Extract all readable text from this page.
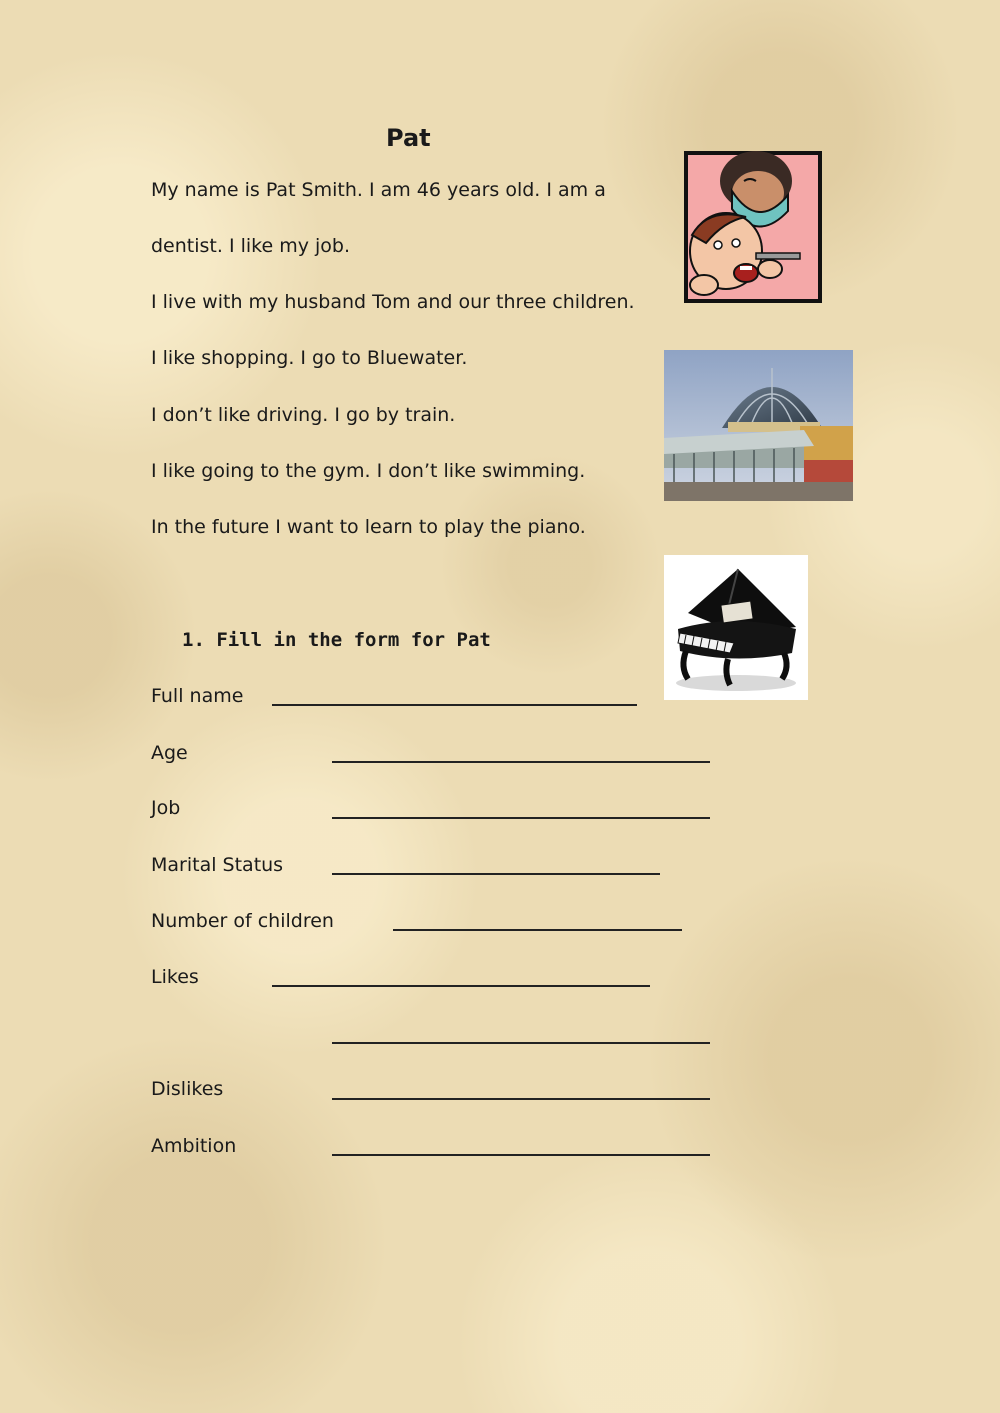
Pat
My name is Pat Smith. I am 46 years old. I am a
dentist. I like my job.
I live with my husband Tom and our three children.
I like shopping. I go to Bluewater.
I don’t like driving. I go by train.
I like going to the gym. I don’t like swimming.
In the future I want to learn to play the piano.
1. Fill in the form for Pat
Full name
Age
Job
Marital Status
Number of children
Likes
Dislikes
Ambition
